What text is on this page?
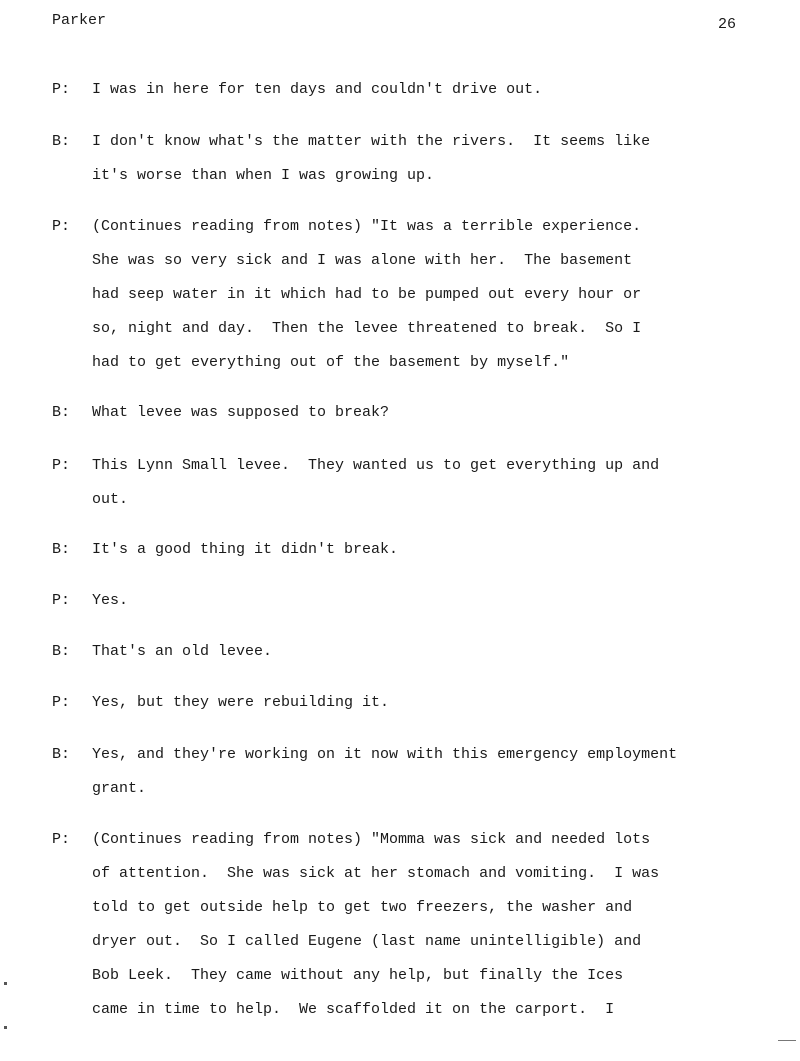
Parker	26
P: I was in here for ten days and couldn't drive out.
B: I don't know what's the matter with the rivers.  It seems like
it's worse than when I was growing up.
P: (Continues reading from notes) "It was a terrible experience.
She was so very sick and I was alone with her.  The basement
had seep water in it which had to be pumped out every hour or
so, night and day.  Then the levee threatened to break.  So I
had to get everything out of the basement by myself."
B: What levee was supposed to break?
P: This Lynn Small levee.  They wanted us to get everything up and
out.
B: It's a good thing it didn't break.
P: Yes.
B: That's an old levee.
P: Yes, but they were rebuilding it.
B: Yes, and they're working on it now with this emergency employment
grant.
P: (Continues reading from notes) "Momma was sick and needed lots
of attention.  She was sick at her stomach and vomiting.  I was
told to get outside help to get two freezers, the washer and
dryer out.  So I called Eugene (last name unintelligible) and
Bob Leek.  They came without any help, but finally the Ices
came in time to help.  We scaffolded it on the carport.  I
